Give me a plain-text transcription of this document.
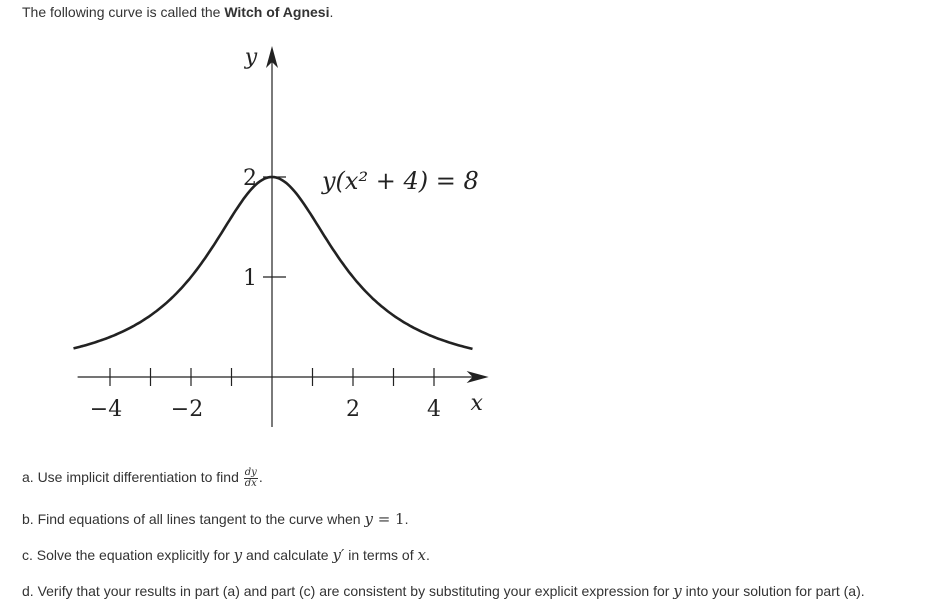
The following curve is called the Witch of Agnesi.
−4 −2	2	4
1
2
x
y
y(x² + 4) = 8
a. Use implicit differentiation to find $\frac{dy}{dx}$ .
b. Find equations of all lines tangent to the curve when y = 1.
c. Solve the equation explicitly for y and calculate y′ in terms of x.
d. Verify that your results in part (a) and part (c) are consistent by substituting your explicit expression for y into your solution for part (a).
